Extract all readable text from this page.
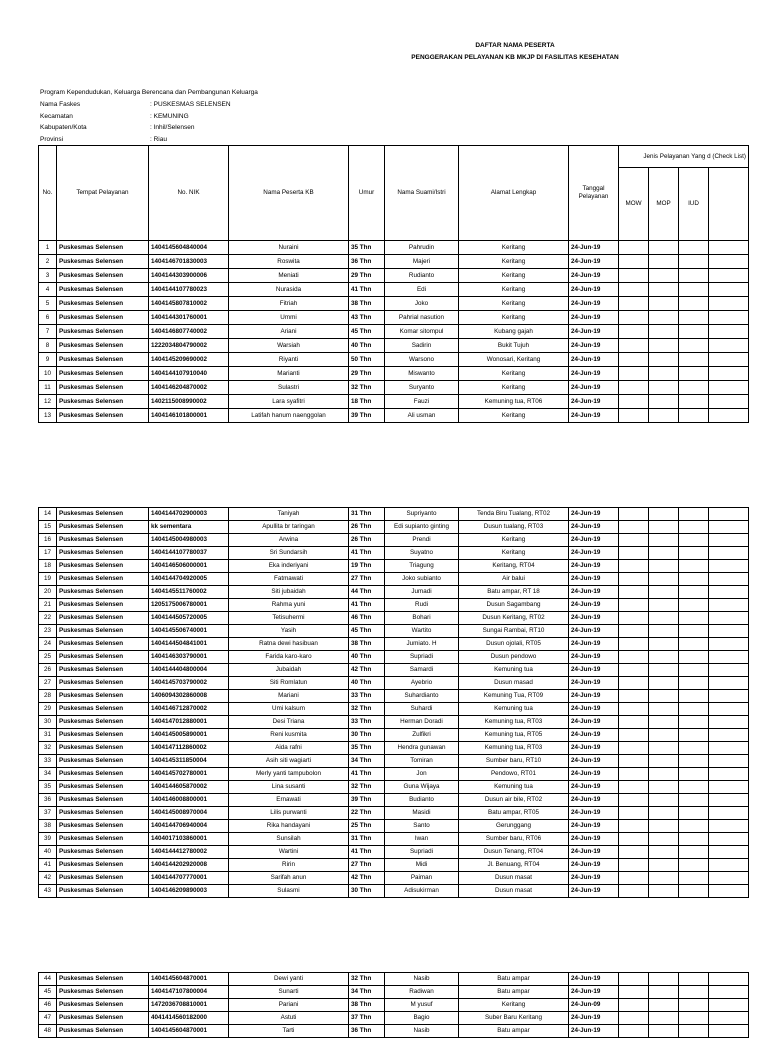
DAFTAR NAMA PESERTA
PENGGERAKAN PELAYANAN KB MKJP DI FASILITAS KESEHATAN
Program Kependudukan, Keluarga Berencana dan Pembangunan Keluarga
Nama Faskes	: PUSKESMAS SELENSEN
Kecamatan	: KEMUNING
Kabupaten/Kota	: Inhil/Selensen
Provinsi	: Riau
No.	Tempat Pelayanan	No. NIK	Nama Peserta KB	Umur	Nama Suami/Istri	Alamat Lengkap	Tanggal Pelayanan	Jenis Pelayanan Yang d (Check List)			
								MOW	MOP	IUD	
1	Puskesmas Selensen	1404145604840004	Nuraini	35 Thn	Pahrudin	Keritang	24-Jun-19				
2	Puskesmas Selensen	1404146701830003	Roswita	36 Thn	Majeri	Keritang	24-Jun-19				
3	Puskesmas Selensen	1404144303900006	Meniati	29 Thn	Rudianto	Keritang	24-Jun-19				
4	Puskesmas Selensen	1404144107780023	Nurasida	41 Thn	Edi	Keritang	24-Jun-19				
5	Puskesmas Selensen	1404145807810002	Fitriah	38 Thn	Joko	Keritang	24-Jun-19				
6	Puskesmas Selensen	1404144301760001	Ummi	43 Thn	Pahrial nasution	Keritang	24-Jun-19				
7	Puskesmas Selensen	1404146807740002	Ariani	45 Thn	Komar sitompul	Kubang gajah	24-Jun-19				
8	Puskesmas Selensen	1222034804790002	Warsiah	40 Thn	Sadirin	Bukit Tujuh	24-Jun-19				
9	Puskesmas Selensen	1404145209690002	Riyanti	50 Thn	Warsono	Wonosari, Keritang	24-Jun-19				
10	Puskesmas Selensen	1404144107910040	Marianti	29 Thn	Miswanto	Keritang	24-Jun-19				
11	Puskesmas Selensen	1404146204870002	Sulastri	32 Thn	Suryanto	Keritang	24-Jun-19				
12	Puskesmas Selensen	1402115008990002	Lara syafitri	18 Thn	Fauzi	Kemuning tua, RT06	24-Jun-19				
13	Puskesmas Selensen	1404146101800001	Latifah hanum naenggolan	39 Thn	Ali usman	Keritang	24-Jun-19				
14	Puskesmas Selensen	1404144702900003	Taniyah	31 Thn	Supriyanto	Tenda Biru Tualang, RT02	24-Jun-19				
15	Puskesmas Selensen	kk sementara	Apullita br taringan	26 Thn	Edi supianto ginting	Dusun tualang, RT03	24-Jun-19				
16	Puskesmas Selensen	1404145004980003	Arwina	26 Thn	Prendi	Keritang	24-Jun-19				
17	Puskesmas Selensen	1404144107780037	Sri Sundarsih	41 Thn	Suyatno	Keritang	24-Jun-19				
18	Puskesmas Selensen	1404146506000001	Eka inderiyani	19 Thn	Triagung	Keritang, RT04	24-Jun-19				
19	Puskesmas Selensen	1404144704920005	Fatmawati	27 Thn	Joko subianto	Air balui	24-Jun-19				
20	Puskesmas Selensen	1404145511760002	Siti jubaidah	44 Thn	Jumadi	Batu ampar, RT 18	24-Jun-19				
21	Puskesmas Selensen	1205175006780001	Rahma yuni	41 Thn	Rudi	Dusun Sagambang	24-Jun-19				
22	Puskesmas Selensen	1404144505720005	Tetisuhermi	46 Thn	Bohari	Dusun Keritang, RT02	24-Jun-19				
23	Puskesmas Selensen	1404145506740001	Yasih	45 Thn	Wartito	Sungai Rambai, RT10	24-Jun-19				
24	Puskesmas Selensen	1404144504841001	Ratna dewi hasibuan	38 Thn	Jumiato. H	Dusun ojolali, RT05	24-Jun-19				
25	Puskesmas Selensen	1404146303790001	Farida karo-karo	40 Thn	Supriadi	Dusun pendowo	24-Jun-19				
26	Puskesmas Selensen	1404144404800004	Jubaidah	42 Thn	Samardi	Kemuning tua	24-Jun-19				
27	Puskesmas Selensen	1404145703790002	Siti Romlatun	40 Thn	Ayebrio	Dusun masad	24-Jun-19				
28	Puskesmas Selensen	1406094302860008	Mariani	33 Thn	Suhardianto	Kemuning Tua, RT09	24-Jun-19				
29	Puskesmas Selensen	1404146712870002	Umi kalsum	32 Thn	Suhardi	Kemuning tua	24-Jun-19				
30	Puskesmas Selensen	1404147012880001	Desi Triana	33 Thn	Herman Doradi	Kemuning tua, RT03	24-Jun-19				
31	Puskesmas Selensen	1404145005890001	Reni kusmita	30 Thn	Zulfikri	Kemuning tua, RT05	24-Jun-19				
32	Puskesmas Selensen	1404147112860002	Aida rafni	35 Thn	Hendra gunawan	Kemuning tua, RT03	24-Jun-19				
33	Puskesmas Selensen	1404145311850004	Asih siti wagiarti	34 Thn	Tomiran	Sumber baru, RT10	24-Jun-19				
34	Puskesmas Selensen	1404145702780001	Merly yanti tampubolon	41 Thn	Jon	Pendowo, RT01	24-Jun-19				
35	Puskesmas Selensen	1404144605870002	Lina susanti	32 Thn	Guna Wijaya	Kemuning tua	24-Jun-19				
36	Puskesmas Selensen	1404146008800001	Ernawati	39 Thn	Budianto	Dusun air bile, RT02	24-Jun-19				
37	Puskesmas Selensen	1404145008970004	Lilis purwanti	22 Thn	Masidi	Batu ampar, RT05	24-Jun-19				
38	Puskesmas Selensen	1404144706940004	Rika handayani	25 Thn	Santo	Gerunggang	24-Jun-19				
39	Puskesmas Selensen	1404017103860001	Sunsilah	31 Thn	Iwan	Sumber baru, RT06	24-Jun-19				
40	Puskesmas Selensen	1404144412780002	Wartini	41 Thn	Supriadi	Dusun Tenang, RT04	24-Jun-19				
41	Puskesmas Selensen	1404144202920008	Ririn	27 Thn	Midi	Jl. Benuang, RT04	24-Jun-19				
42	Puskesmas Selensen	1404144707770001	Sarifah anun	42 Thn	Paiman	Dusun masat	24-Jun-19				
43	Puskesmas Selensen	1404146209890003	Sulasmi	30 Thn	Adisukirman	Dusun masat	24-Jun-19				
44	Puskesmas Selensen	1404145604870001	Dewi yanti	32 Thn	Nasib	Batu ampar	24-Jun-19				
45	Puskesmas Selensen	1404147107800004	Sunarti	34 Thn	Radiwan	Batu ampar	24-Jun-19				
46	Puskesmas Selensen	1472036708810001	Pariani	38 Thn	M yusuf	Keritang	24-Jun-09				
47	Puskesmas Selensen	4041414560182000	Astuti	37 Thn	Bagio	Suber Baru Keritang	24-Jun-19				
48	Puskesmas Selensen	1404145604870001	Tarti	36 Thn	Nasib	Batu ampar	24-Jun-19				
